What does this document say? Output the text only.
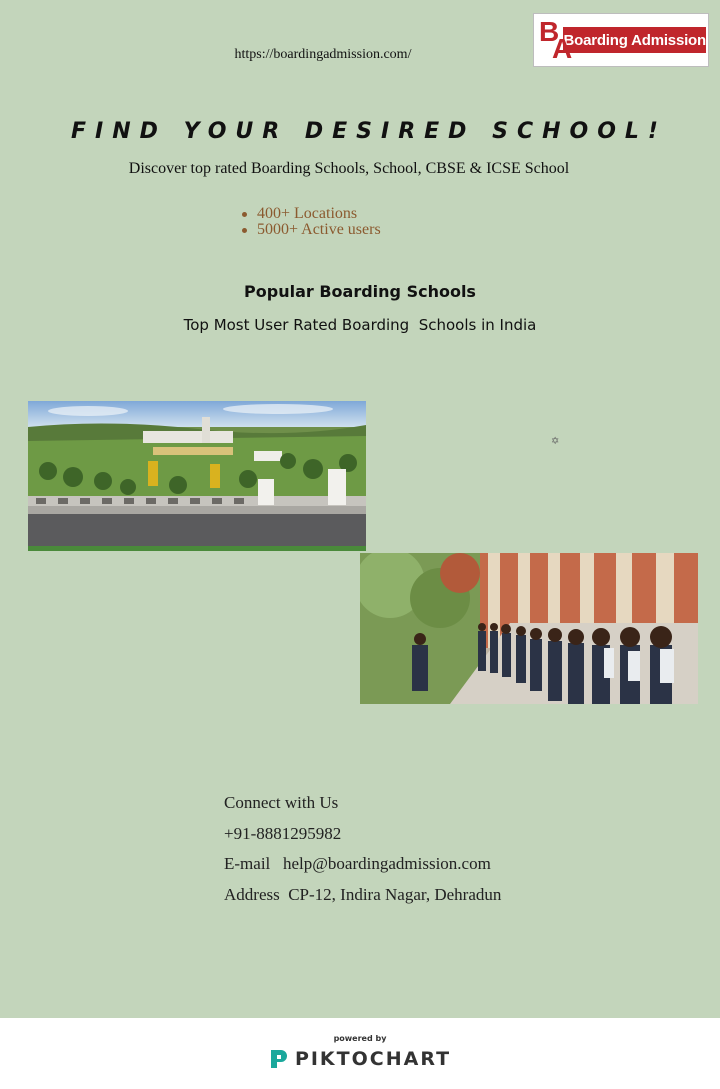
https://boardingadmission.com/
B
A
Boarding Admission
FIND YOUR DESIRED SCHOOL!
Discover top rated Boarding Schools, School, CBSE & ICSE School
400+ Locations
5000+ Active users
Popular Boarding Schools
Top Most User Rated Boarding  Schools in India
✡
Connect with Us
+91-8881295982
E-mail   help@boardingadmission.com
Address  CP-12, Indira Nagar, Dehradun
powered by
PIKTOCHART
